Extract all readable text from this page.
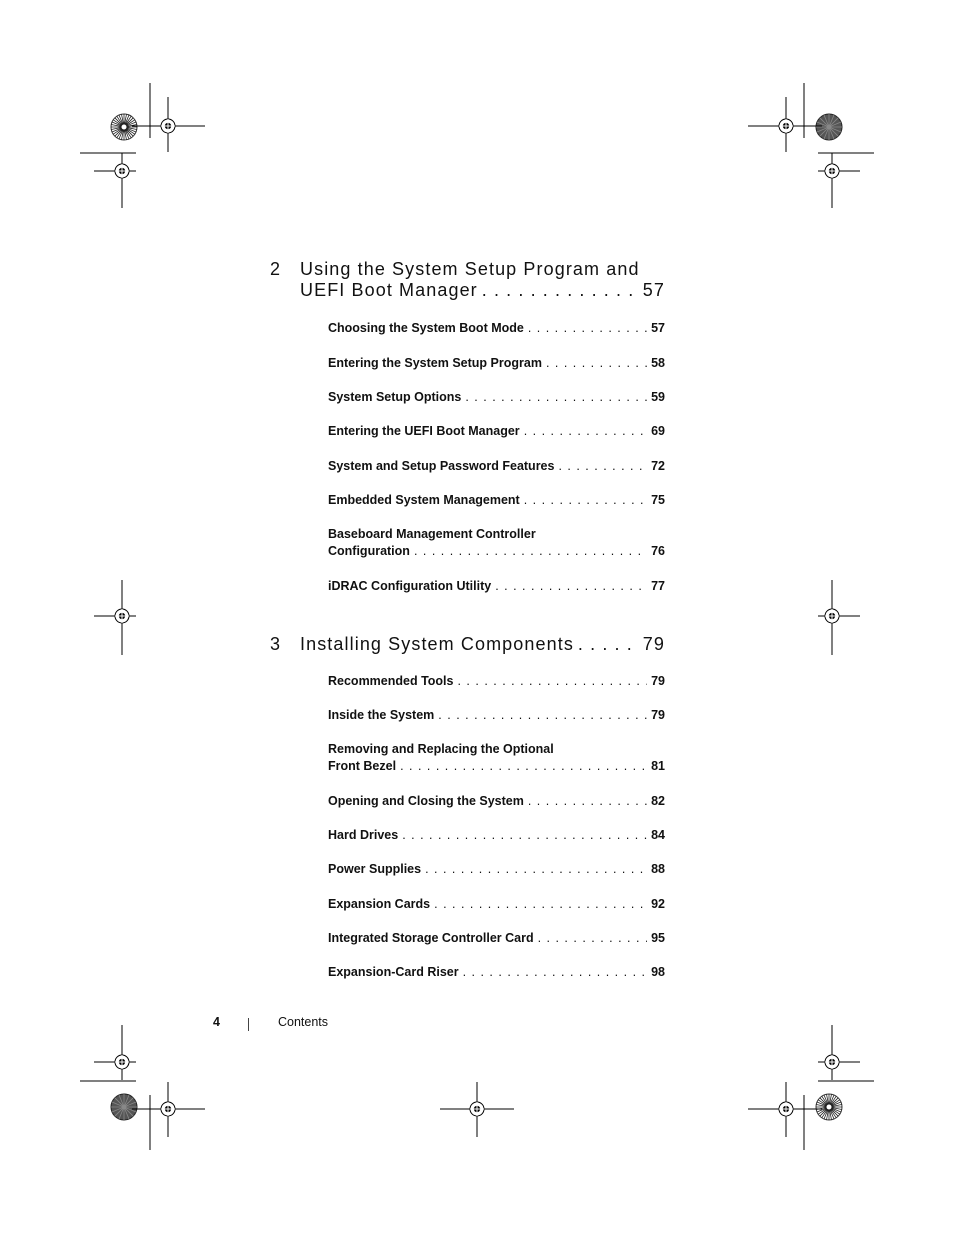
2 Using the System Setup Program and
UEFI Boot Manager . . .	57
Choosing the System Boot Mode . . .	57
Entering the System Setup Program . . .	58
System Setup Options . . .	59
Entering the UEFI Boot Manager . . .	69
System and Setup Password Features . . .	72
Embedded System Management . . .	75
Baseboard Management Controller
Configuration . . .	76
iDRAC Configuration Utility . . .	77
3 Installing System Components . . .	79
Recommended Tools . . .	79
Inside the System . . .	79
Removing and Replacing the Optional
Front Bezel . . .	81
Opening and Closing the System . . .	82
Hard Drives . . .	84
Power Supplies . . .	88
Expansion Cards . . .	92
Integrated Storage Controller Card . . .	95
Expansion-Card Riser . . .	98
4	Contents
